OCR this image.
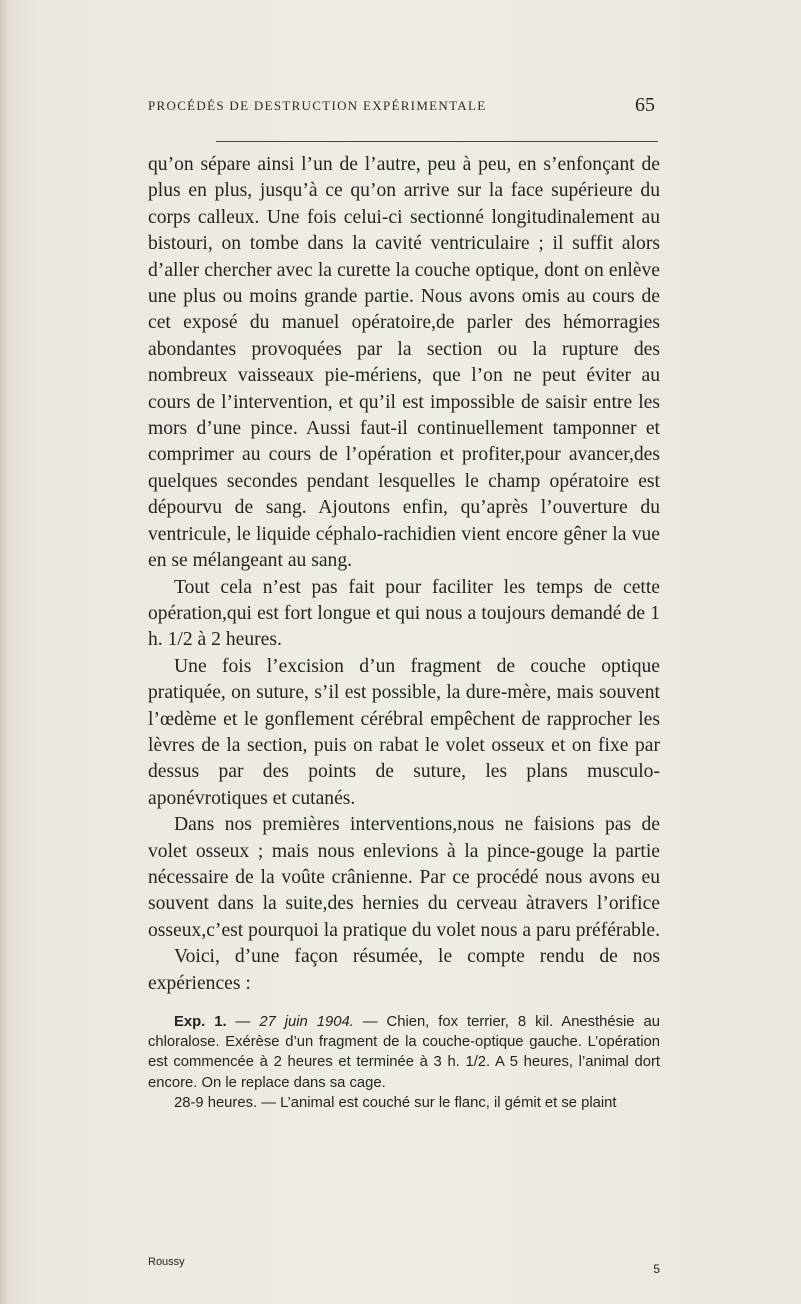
PROCÉDÉS DE DESTRUCTION EXPÉRIMENTALE	65

qu’on sépare ainsi l’un de l’autre, peu à peu, en s’enfonçant de plus en plus, jusqu’à ce qu’on arrive sur la face supérieure du corps calleux. Une fois celui-ci sectionné longitudinalement au bistouri, on tombe dans la cavité ventriculaire ; il suffit alors d’aller chercher avec la curette la couche optique, dont on enlève une plus ou moins grande partie. Nous avons omis au cours de cet exposé du manuel opératoire,de parler des hémorragies abondantes provoquées par la section ou la rupture des nombreux vaisseaux pie-mériens, que l’on ne peut éviter au cours de l’intervention, et qu’il est impossible de saisir entre les mors d’une pince. Aussi faut-il continuellement tamponner et comprimer au cours de l’opération et profiter,pour avancer,des quelques secondes pendant lesquelles le champ opératoire est dépourvu de sang. Ajoutons enfin, qu’après l’ouverture du ventricule, le liquide céphalo-rachidien vient encore gêner la vue en se mélangeant au sang.

Tout cela n’est pas fait pour faciliter les temps de cette opération,qui est fort longue et qui nous a toujours demandé de 1 h. 1/2 à 2 heures.

Une fois l’excision d’un fragment de couche optique pratiquée, on suture, s’il est possible, la dure-mère, mais souvent l’œdème et le gonflement cérébral empêchent de rapprocher les lèvres de la section, puis on rabat le volet osseux et on fixe par dessus par des points de suture, les plans musculo-aponévrotiques et cutanés.

Dans nos premières interventions,nous ne faisions pas de volet osseux ; mais nous enlevions à la pince-gouge la partie nécessaire de la voûte crânienne. Par ce procédé nous avons eu souvent dans la suite,des hernies du cerveau àtravers l’orifice osseux,c’est pourquoi la pratique du volet nous a paru préférable.

Voici, d’une façon résumée, le compte rendu de nos expériences :

Exp. 1. — 27 juin 1904. — Chien, fox terrier, 8 kil. Anesthésie au chloralose. Exérèse d’un fragment de la couche-optique gauche. L’opération est commencée à 2 heures et terminée à 3 h. 1/2. A 5 heures, l’animal dort encore. On le replace dans sa cage.

28-9 heures. — L’animal est couché sur le flanc, il gémit et se plaint

Roussy	5
